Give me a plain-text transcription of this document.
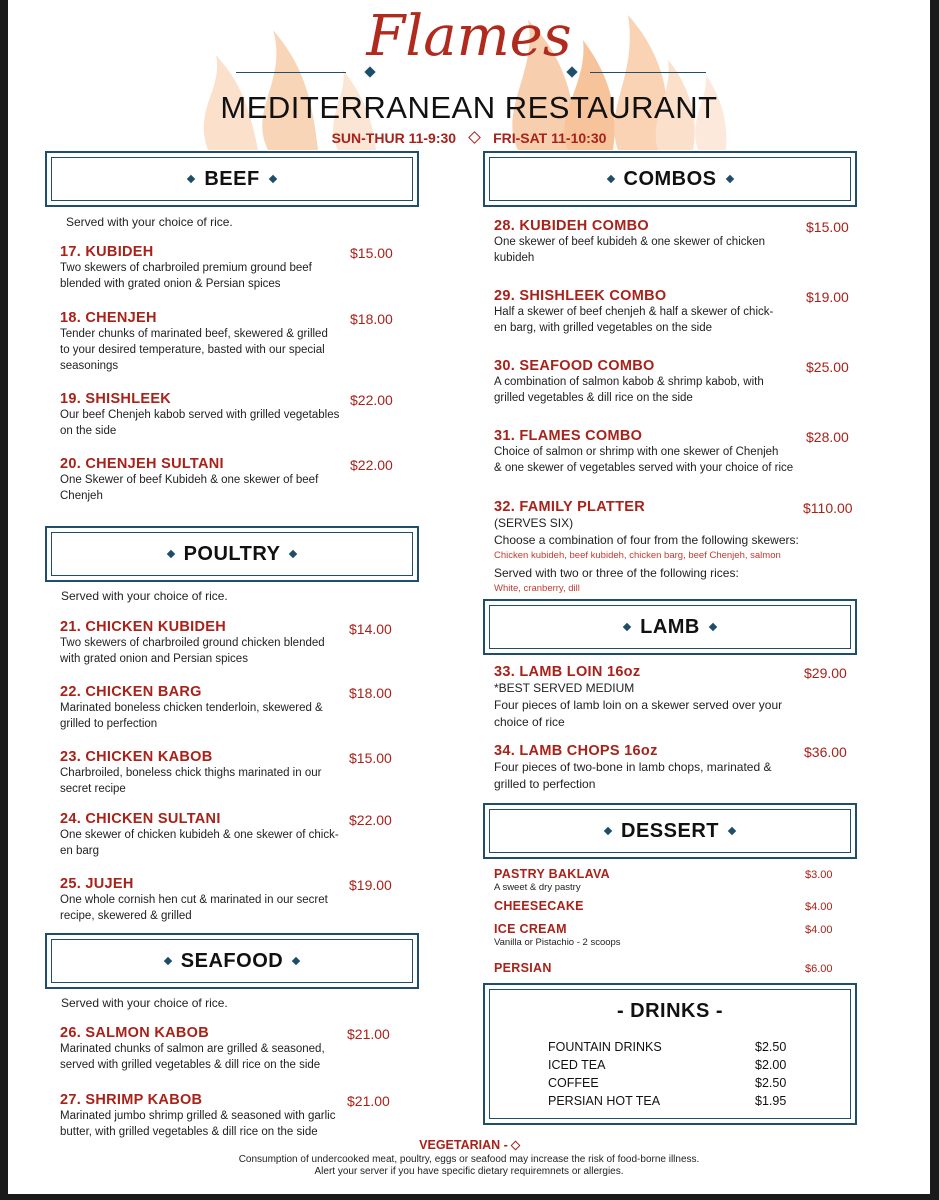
Flames
MEDITERRANEAN RESTAURANT
SUN-THUR 11-9:30	FRI-SAT 11-10:30
BEEF
Served with your choice of rice.
17. KUBIDEH
Two skewers of charbroiled premium ground beef
blended with grated onion & Persian spices
$15.00
18. CHENJEH
Tender chunks of marinated beef, skewered & grilled
to your desired temperature, basted with our special
seasonings
$18.00
19. SHISHLEEK
Our beef Chenjeh kabob served with grilled vegetables
on the side
$22.00
20. CHENJEH SULTANI
One Skewer of beef Kubideh & one skewer of beef
Chenjeh
$22.00
POULTRY
Served with your choice of rice.
21. CHICKEN KUBIDEH
Two skewers of charbroiled ground chicken blended
with grated onion and Persian spices
$14.00
22. CHICKEN BARG
Marinated boneless chicken tenderloin, skewered &
grilled to perfection
$18.00
23. CHICKEN KABOB
Charbroiled, boneless chick thighs marinated in our
secret recipe
$15.00
24. CHICKEN SULTANI
One skewer of chicken kubideh & one skewer of chick-
en barg
$22.00
25. JUJEH
One whole cornish hen cut & marinated in our secret
recipe, skewered & grilled
$19.00
SEAFOOD
Served with your choice of rice.
26. SALMON KABOB
Marinated chunks of salmon are grilled & seasoned,
served with grilled vegetables & dill rice on the side
$21.00
27. SHRIMP KABOB
Marinated jumbo shrimp grilled & seasoned with garlic
butter, with grilled vegetables & dill rice on the side
$21.00
COMBOS
28. KUBIDEH COMBO
One skewer of beef kubideh & one skewer of chicken
kubideh
$15.00
29. SHISHLEEK COMBO
Half a skewer of beef chenjeh & half a skewer of chick-
en barg, with grilled vegetables on the side
$19.00
30. SEAFOOD COMBO
A combination of salmon kabob & shrimp kabob, with
grilled vegetables & dill rice on the side
$25.00
31. FLAMES COMBO
Choice of salmon or shrimp with one skewer of Chenjeh
& one skewer of vegetables served with your choice of rice
$28.00
32. FAMILY PLATTER
(SERVES SIX)
Choose a combination of four from the following skewers:
Chicken kubideh, beef kubideh, chicken barg, beef Chenjeh, salmon
Served with two or three of the following rices:
White, cranberry, dill
$110.00
LAMB
33. LAMB LOIN 16oz
*BEST SERVED MEDIUM
Four pieces of lamb loin on a skewer served over your
choice of rice
$29.00
34. LAMB CHOPS 16oz
Four pieces of two-bone in lamb chops, marinated &
grilled to perfection
$36.00
DESSERT
PASTRY BAKLAVA
A sweet & dry pastry
$3.00
CHEESECAKE	$4.00
ICE CREAM
Vanilla or Pistachio - 2 scoops
$4.00
PERSIAN	$6.00
- DRINKS -
FOUNTAIN DRINKS	$2.50
ICED TEA	$2.00
COFFEE	$2.50
PERSIAN HOT TEA	$1.95
VEGETARIAN -
Consumption of undercooked meat, poultry, eggs or seafood may increase the risk of food-borne illness.
Alert your server if you have specific dietary requiremnets or allergies.
